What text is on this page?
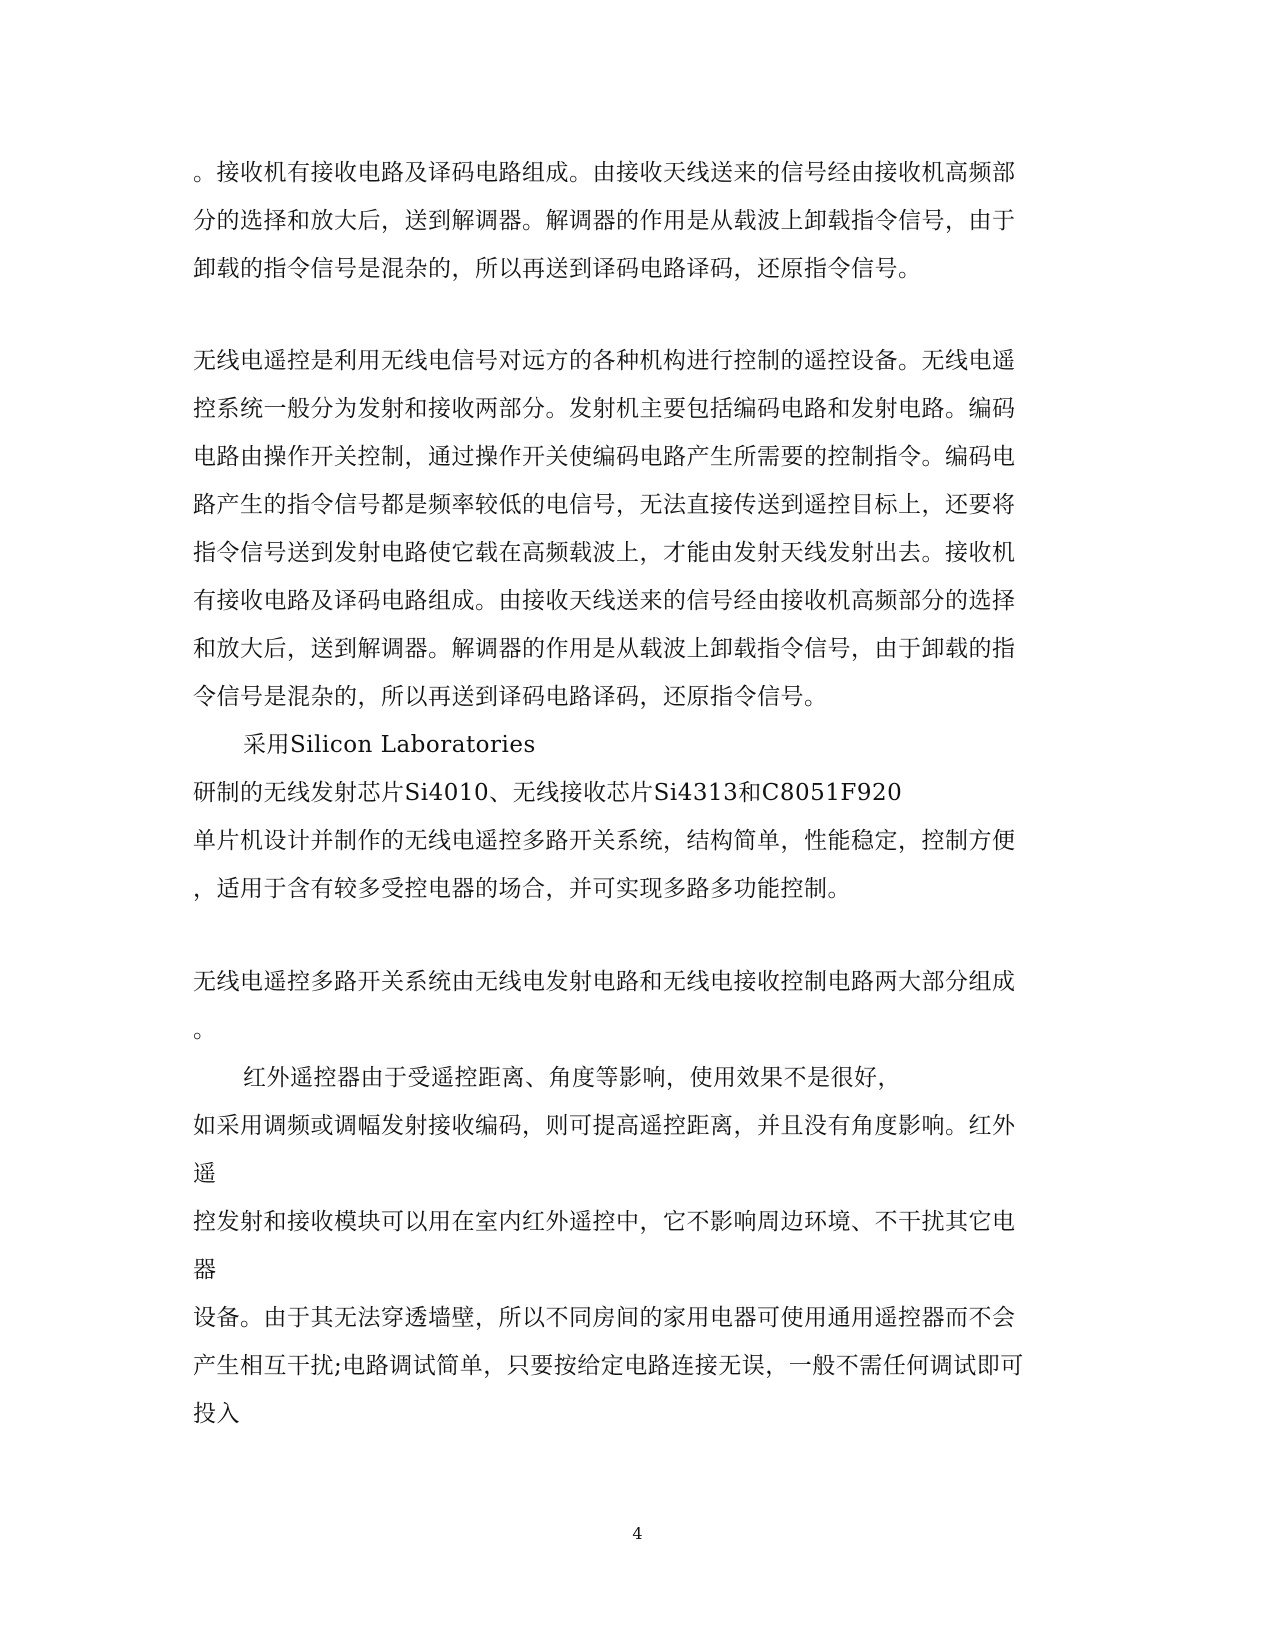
。接收机有接收电路及译码电路组成。由接收天线送来的信号经由接收机高频部
分的选择和放大后，送到解调器。解调器的作用是从载波上卸载指令信号，由于
卸载的指令信号是混杂的，所以再送到译码电路译码，还原指令信号。
无线电遥控是利用无线电信号对远方的各种机构进行控制的遥控设备。无线电遥
控系统一般分为发射和接收两部分。发射机主要包括编码电路和发射电路。编码
电路由操作开关控制，通过操作开关使编码电路产生所需要的控制指令。编码电
路产生的指令信号都是频率较低的电信号，无法直接传送到遥控目标上，还要将
指令信号送到发射电路使它载在高频载波上，才能由发射天线发射出去。接收机
有接收电路及译码电路组成。由接收天线送来的信号经由接收机高频部分的选择
和放大后，送到解调器。解调器的作用是从载波上卸载指令信号，由于卸载的指
令信号是混杂的，所以再送到译码电路译码，还原指令信号。
采用Silicon Laboratories
研制的无线发射芯片Si4010、无线接收芯片Si4313和C8051F920
单片机设计并制作的无线电遥控多路开关系统，结构简单，性能稳定，控制方便
，适用于含有较多受控电器的场合，并可实现多路多功能控制。
无线电遥控多路开关系统由无线电发射电路和无线电接收控制电路两大部分组成
。
红外遥控器由于受遥控距离、角度等影响，使用效果不是很好，
如采用调频或调幅发射接收编码，则可提高遥控距离，并且没有角度影响。红外
遥
控发射和接收模块可以用在室内红外遥控中，它不影响周边环境、不干扰其它电
器
设备。由于其无法穿透墙壁，所以不同房间的家用电器可使用通用遥控器而不会
产生相互干扰;电路调试简单，只要按给定电路连接无误，一般不需任何调试即可
投入
4
